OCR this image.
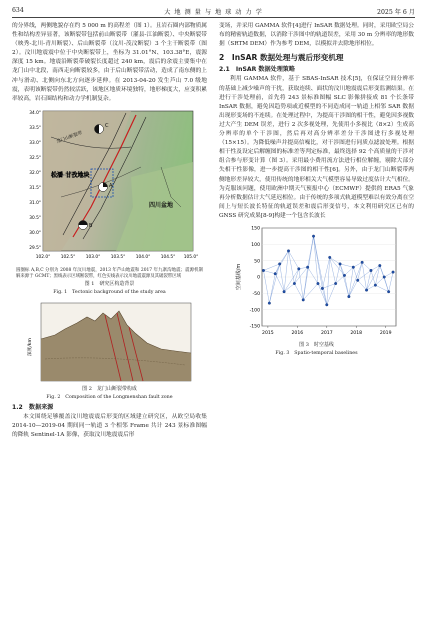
634	大 地 测 量 与 地 球 动 力 学	2025 年 6 月

的分界线，两侧地貌存在约 5 000 m 的高程差（图 1）。且岩石圈内部物质属性和结构差异显著，该断裂带包括前山断裂带（灌县-江油断裂）、中央断裂带（映秀-北川-青川断裂）、后山断裂带（汶川-茂汶断裂）3 个主干断裂带（图 2）。汶川地震震中位于中央断裂带上，坐标为 31.01°N、103.38°E，震源深度 15 km。地震沿断裂带破裂长度超过 240 km，震后的余震主要集中在龙门山中北段，南西走向断裂较多，由于后山断裂带活动，造成了南东侧的上冲与滑动、北侧向东北方向逐步延伸。在 2013-04-20 发生芦山 7.0 级地震，表明该断裂带仍然较活跃，该地区地质环境独特，地形梯度大，应变积累率较高，岩石圈结构和动力学机制复杂。

A
B
C
松潘-甘孜地块
四川盆地
龙门山断裂带
102.0° 102.5° 103.0° 103.5° 104.0° 104.5° 105.0°
34.0°
33.5°
33.0°
32.5°
32.0°
31.5°
31.0°
30.5°
30.0°
29.5°
圆圈标 A,B,C 分别为 2008 年汶川地震，2013 年芦山地震和 2017 年九寨沟地震；震源机制解来源于 GCMT；黑线表示区域断裂带，红色实线表示汶川地震震源及其破裂带区域
图 1　研究区构造背景
Fig. 1　Tectonic background of the study area
深度/km
图 2　龙门山断裂带构成
Fig. 2　Composition of the Longmenshan fault zone
1.2　数据来源

本文围绕足够覆盖汶川地震震后形变的区域建立研究区，从欧空局收集 2014-10—2019-04 期间同一轨道 3 个相邻 Frame 共计 243 景标准图幅的降轨 Sentinel-1A 影像，获取汶川地震震后形

变场，并采用 GAMMA 软件[4]进行 InSAR 数据处理。同时，采用欧空局公布的精密轨道数据，以消除干涉图中的轨道误差，采用 30 m 分辨率的地形数据（SRTM DEM）作为参考 DEM，以模拟并去除地形相位。

2　InSAR 数据处理与震后形变机理
2.1　InSAR 数据处理策略

利用 GAMMA 软件，基于 SBAS-InSAR 技术[5]，在保证空间分辨率的基础上减少噪声的干扰，获取连续、面状的汶川地震震后形变监测结果。在进行干涉处理前，首先将 243 景标准图幅 SLC 影像拼接成 81 个长条带 InSAR 数据，避免因趋势项或近模型的不同造成同一轨道上相邻 SAR 数据出现形变场的不连续。在处理过程中，为提高干涉图的相干性，避免因多视数过大产生 DEM 误差，进行 2 次多视处理，先使用小多视比（8×2）生成高分辨率的单个干涉图，然后再对高分辨率差分干涉图进行多视处理（15×15）。为降低噪声并提高信噪比，对干涉图进行同质点滤波处理。根据相干性及设定后解缠图的标准差等判定标准，最终选择 92 个高质量的干涉对组合参与形变计算（图 3）。采用最小费用流方法进行相位解缠，剔除大部分失相干性影像，进一步提高干涉图的相干性[6]。另外，由于龙门山断裂带两侧地形差异较大，使用传统的地形相关大气模型容易导致过度估计大气相位。为克服该问题，使用欧洲中期天气预报中心（ECMWF）提供的 ERA5 气象再分析数据估计大气延迟相位。由于传统的多项式轨道模型难以有效分离在空间上与短长波长特征的轨道误差和震后形变信号，本文利用研究区已有的 GNSS 研究成果[8-9]构建一个包含长波长

150
100
50
0
-50
-100
-150
2015	2016	2017	2018	2019
空间基线/m
图 3　时空基线
Fig. 3　Spatio-temporal baselines
